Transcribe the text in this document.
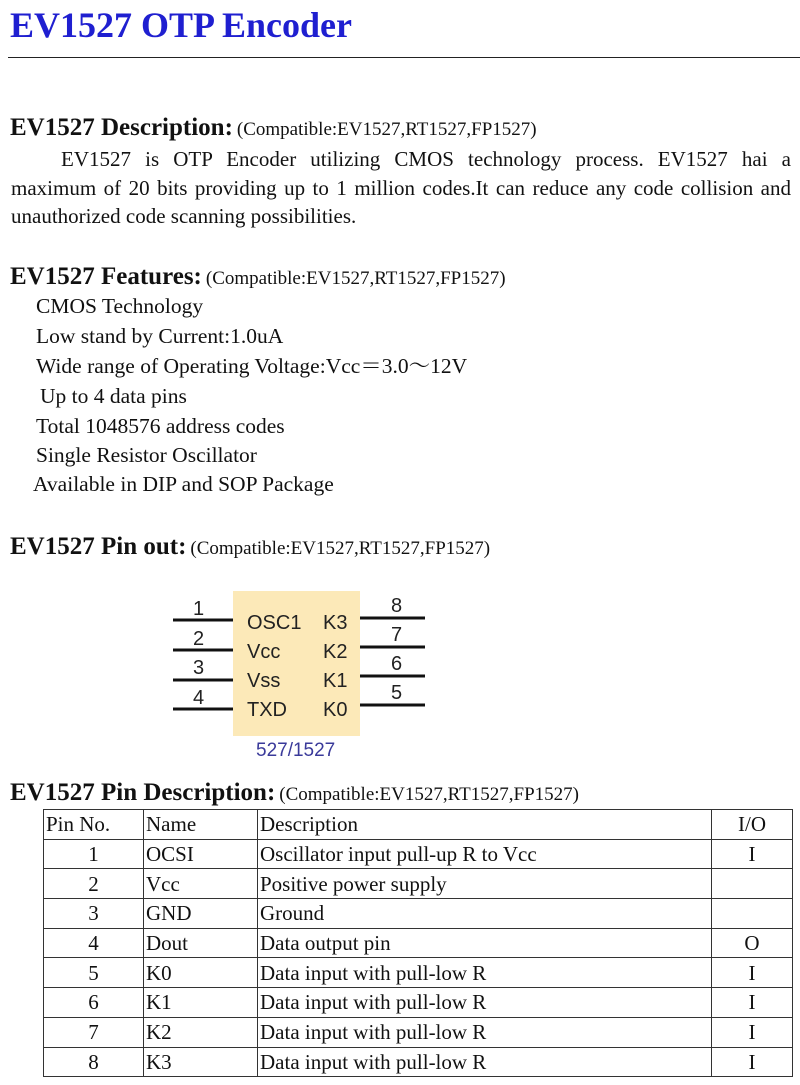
EV1527 OTP Encoder

EV1527 Description: (Compatible:EV1527,RT1527,FP1527)

EV1527 is OTP Encoder utilizing CMOS technology process. EV1527 hai a maximum of 20 bits providing up to 1 million codes.It can reduce any code collision and unauthorized code scanning possibilities.

EV1527 Features: (Compatible:EV1527,RT1527,FP1527)

CMOS Technology
Low stand by Current:1.0uA
Wide range of Operating Voltage:Vcc＝3.0～12V
Up to 4 data pins
Total 1048576 address codes
Single Resistor Oscillator
Available in DIP and SOP Package

EV1527 Pin out: (Compatible:EV1527,RT1527,FP1527)

1
2
3
4
OSC1
Vcc
Vss
TXD
K3
K2
K1
K0
8
7
6
5
527/1527

EV1527 Pin Description: (Compatible:EV1527,RT1527,FP1527)

Pin No.	Name	Description	I/O
1	OCSI	Oscillator input pull-up R to Vcc	I
2	Vcc	Positive power supply	
3	GND	Ground	
4	Dout	Data output pin	O
5	K0	Data input with pull-low R	I
6	K1	Data input with pull-low R	I
7	K2	Data input with pull-low R	I
8	K3	Data input with pull-low R	I
